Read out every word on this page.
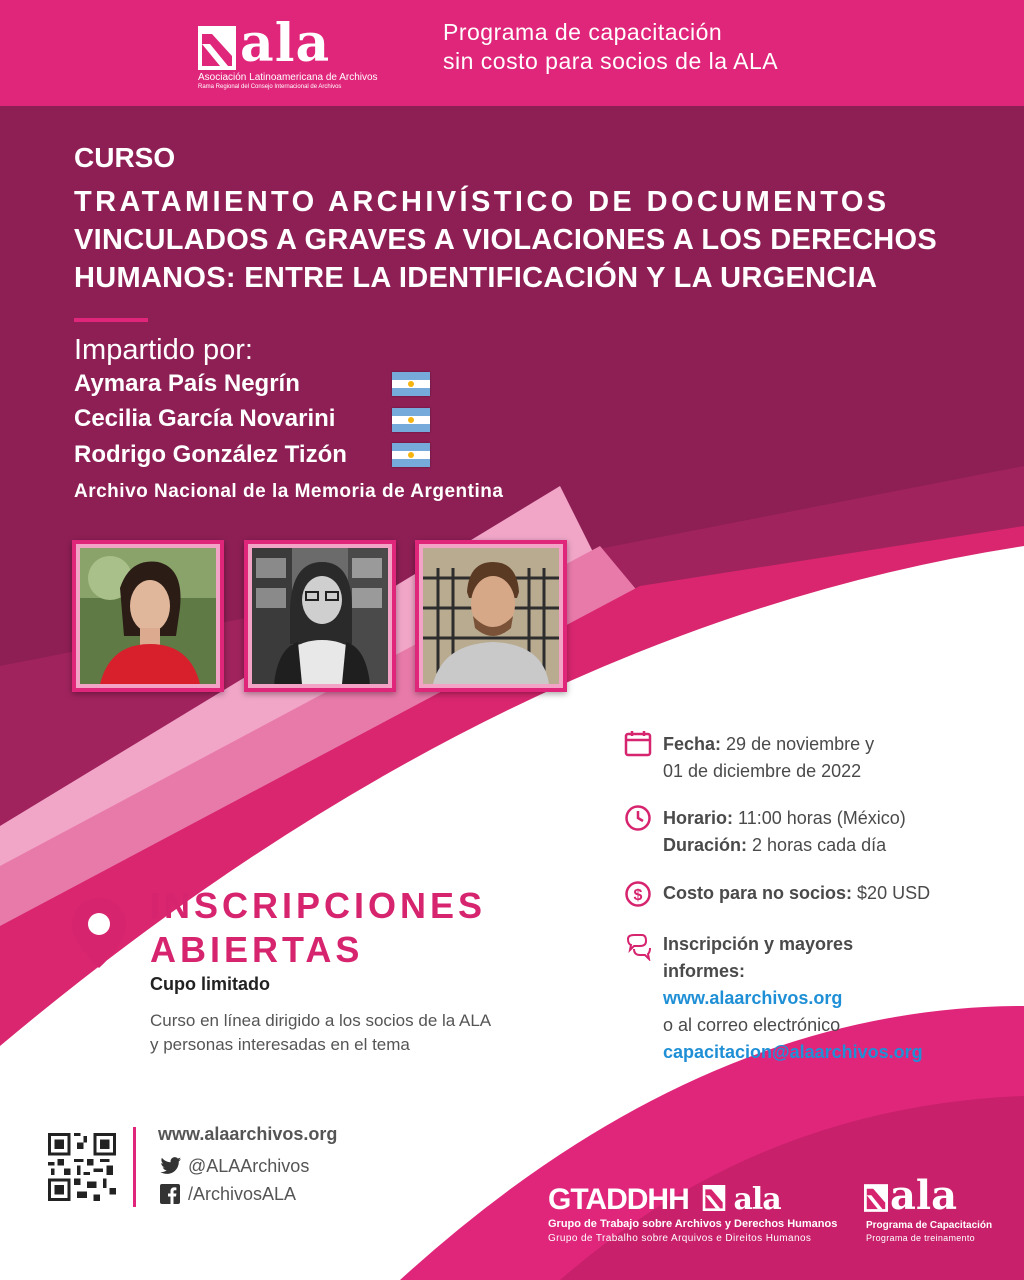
ala
Asociación Latinoamericana de Archivos
Rama Regional del Consejo Internacional de Archivos
Programa de capacitación
sin costo para socios de la ALA
CURSO
TRATAMIENTO ARCHIVÍSTICO DE DOCUMENTOS
VINCULADOS A GRAVES A VIOLACIONES A LOS DERECHOS
HUMANOS: ENTRE LA IDENTIFICACIÓN Y LA URGENCIA
Impartido por:
Aymara País Negrín
Cecilia García Novarini
Rodrigo González Tizón
Archivo Nacional de la Memoria de Argentina
Fecha: 29 de noviembre y
01 de diciembre de 2022
Horario: 11:00 horas (México)
Duración: 2 horas cada día
$ Costo para no socios: $20 USD
Inscripción y mayores
informes:
www.alaarchivos.org
o al correo electrónico
capacitacion@alaarchivos.org
INSCRIPCIONES
ABIERTAS
Cupo limitado
Curso en línea dirigido a los socios de la ALA
y personas interesadas en el tema
www.alaarchivos.org
@ALAArchivos
/ArchivosALA	GTADDHH ala
Grupo de Trabajo sobre Archivos y Derechos Humanos
Grupo de Trabalho sobre Arquivos e Direitos Humanos
ala
Programa de Capacitación
Programa de treinamento
